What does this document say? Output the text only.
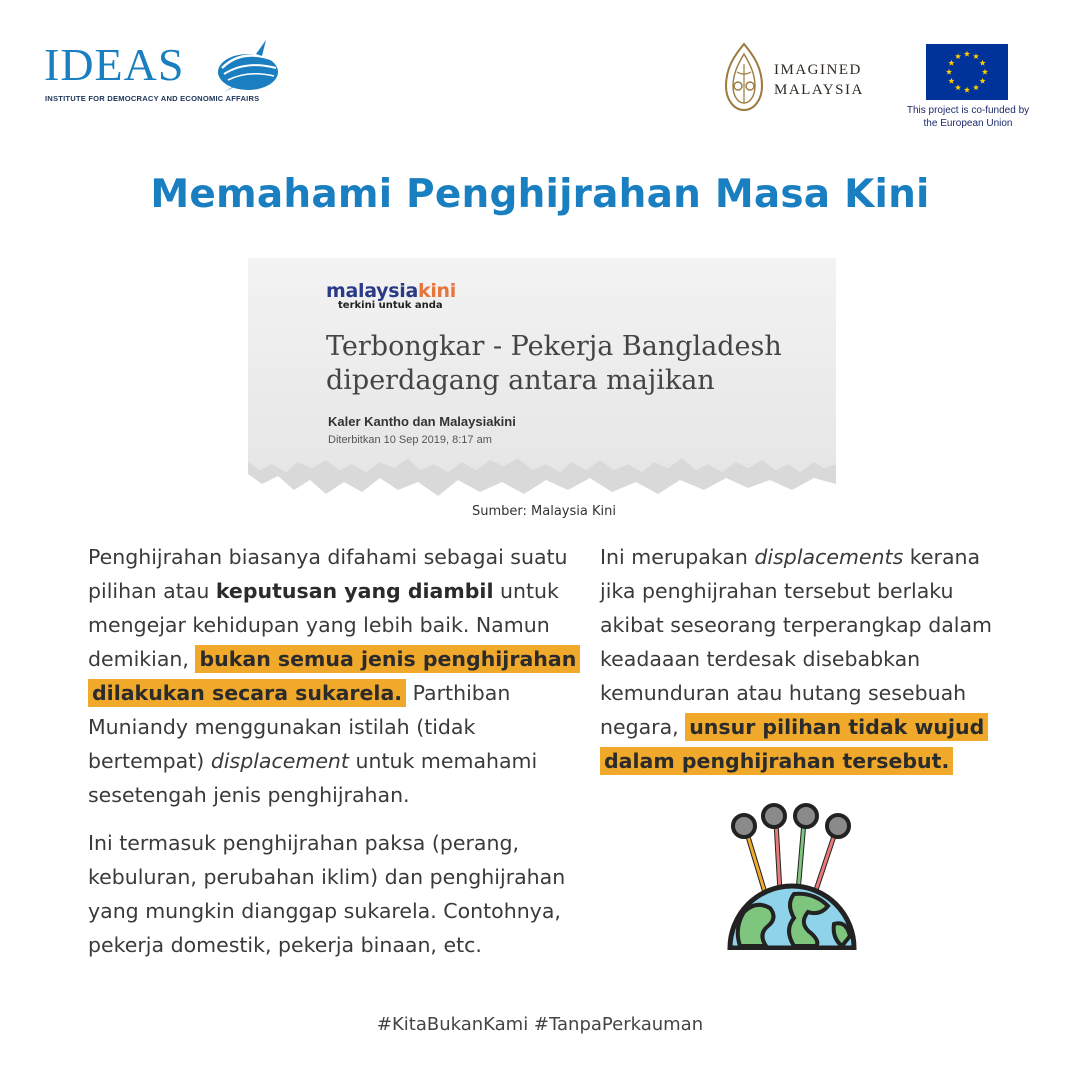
IDEAS
INSTITUTE FOR DEMOCRACY AND ECONOMIC AFFAIRS
IMAGINED
MALAYSIA
This project is co-funded by
the European Union
Memahami Penghijrahan Masa Kini
malaysiakini
terkini untuk anda
Terbongkar - Pekerja Bangladesh
diperdagang antara majikan
Kaler Kantho dan Malaysiakini
Diterbitkan 10 Sep 2019, 8:17 am
Sumber: Malaysia Kini

Penghijrahan biasanya difahami sebagai suatu pilihan atau keputusan yang diambil untuk mengejar kehidupan yang lebih baik. Namun demikian, bukan semua jenis penghijrahan dilakukan secara sukarela. Parthiban Muniandy menggunakan istilah (tidak bertempat) displacement untuk memahami sesetengah jenis penghijrahan.

Ini termasuk penghijrahan paksa (perang, kebuluran, perubahan iklim) dan penghijrahan yang mungkin dianggap sukarela. Contohnya, pekerja domestik, pekerja binaan, etc.

Ini merupakan displacements kerana jika penghijrahan tersebut berlaku akibat seseorang terperangkap dalam keadaaan terdesak disebabkan kemunduran atau hutang sesebuah negara, unsur pilihan tidak wujud dalam penghijrahan tersebut.

#KitaBukanKami #TanpaPerkauman
